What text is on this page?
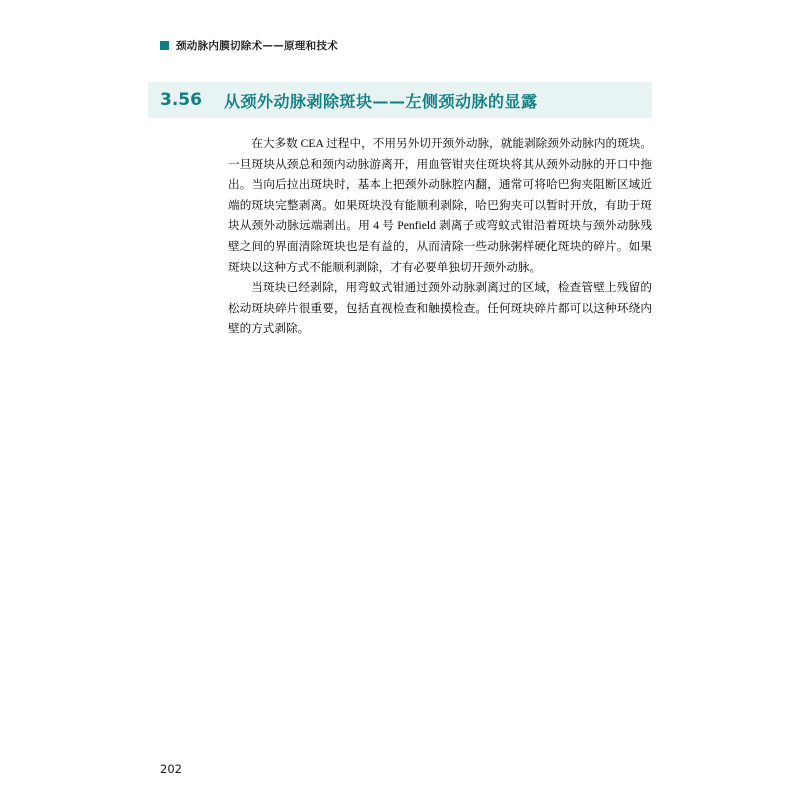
颈动脉内膜切除术——原理和技术
3.56	从颈外动脉剥除斑块——左侧颈动脉的显露

在大多数 CEA 过程中，不用另外切开颈外动脉，就能剥除颈外动脉内的斑块。一旦斑块从颈总和颈内动脉游离开，用血管钳夹住斑块将其从颈外动脉的开口中拖出。当向后拉出斑块时，基本上把颈外动脉腔内翻，通常可将哈巴狗夹阻断区域近端的斑块完整剥离。如果斑块没有能顺利剥除，哈巴狗夹可以暂时开放，有助于斑块从颈外动脉远端剥出。用 4 号 Penfield 剥离子或弯蚊式钳沿着斑块与颈外动脉残壁之间的界面清除斑块也是有益的，从而清除一些动脉粥样硬化斑块的碎片。如果斑块以这种方式不能顺利剥除，才有必要单独切开颈外动脉。

当斑块已经剥除，用弯蚊式钳通过颈外动脉剥离过的区域，检查管壁上残留的松动斑块碎片很重要，包括直视检查和触摸检查。任何斑块碎片都可以这种环绕内壁的方式剥除。

202
